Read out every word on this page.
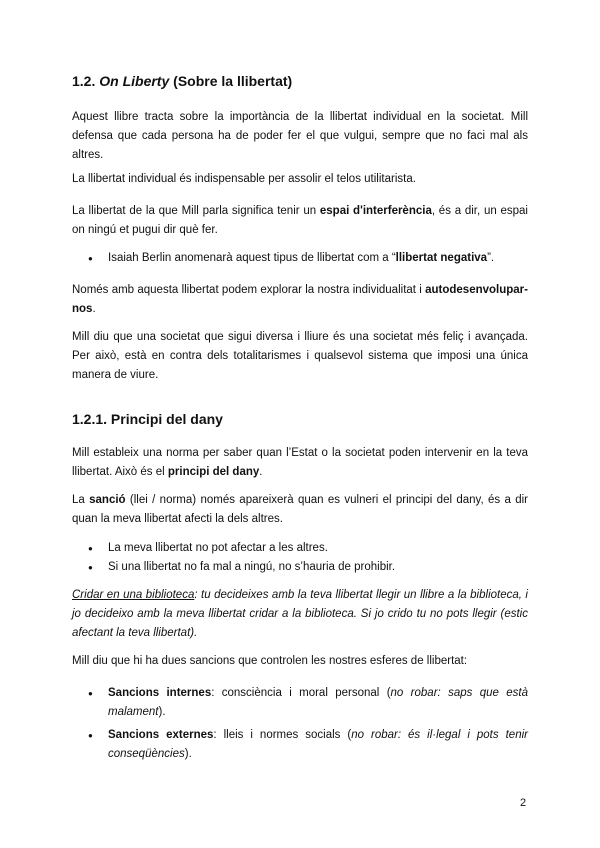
1.2. On Liberty (Sobre la llibertat)

Aquest llibre tracta sobre la importància de la llibertat individual en la societat. Mill defensa que cada persona ha de poder fer el que vulgui, sempre que no faci mal als altres.

La llibertat individual és indispensable per assolir el telos utilitarista.

La llibertat de la que Mill parla significa tenir un espai d'interferència, és a dir, un espai on ningú et pugui dir què fer.

● Isaiah Berlin anomenarà aquest tipus de llibertat com a “llibertat negativa”.

Només amb aquesta llibertat podem explorar la nostra individualitat i autodesenvolupar-nos.

Mill diu que una societat que sigui diversa i lliure és una societat més feliç i avançada. Per això, està en contra dels totalitarismes i qualsevol sistema que imposi una única manera de viure.

1.2.1. Principi del dany

Mill estableix una norma per saber quan l’Estat o la societat poden intervenir en la teva llibertat. Això és el principi del dany.

La sanció (llei / norma) només apareixerà quan es vulneri el principi del dany, és a dir quan la meva llibertat afecti la dels altres.

● La meva llibertat no pot afectar a les altres.
● Si una llibertat no fa mal a ningú, no s’hauria de prohibir.

Cridar en una biblioteca: tu decideixes amb la teva llibertat llegir un llibre a la biblioteca, i jo decideixo amb la meva llibertat cridar a la biblioteca. Si jo crido tu no pots llegir (estic afectant la teva llibertat).

Mill diu que hi ha dues sancions que controlen les nostres esferes de llibertat:

● Sancions internes: consciència i moral personal (no robar: saps que està malament).
● Sancions externes: lleis i normes socials (no robar: és il·legal i pots tenir conseqüències).
2
